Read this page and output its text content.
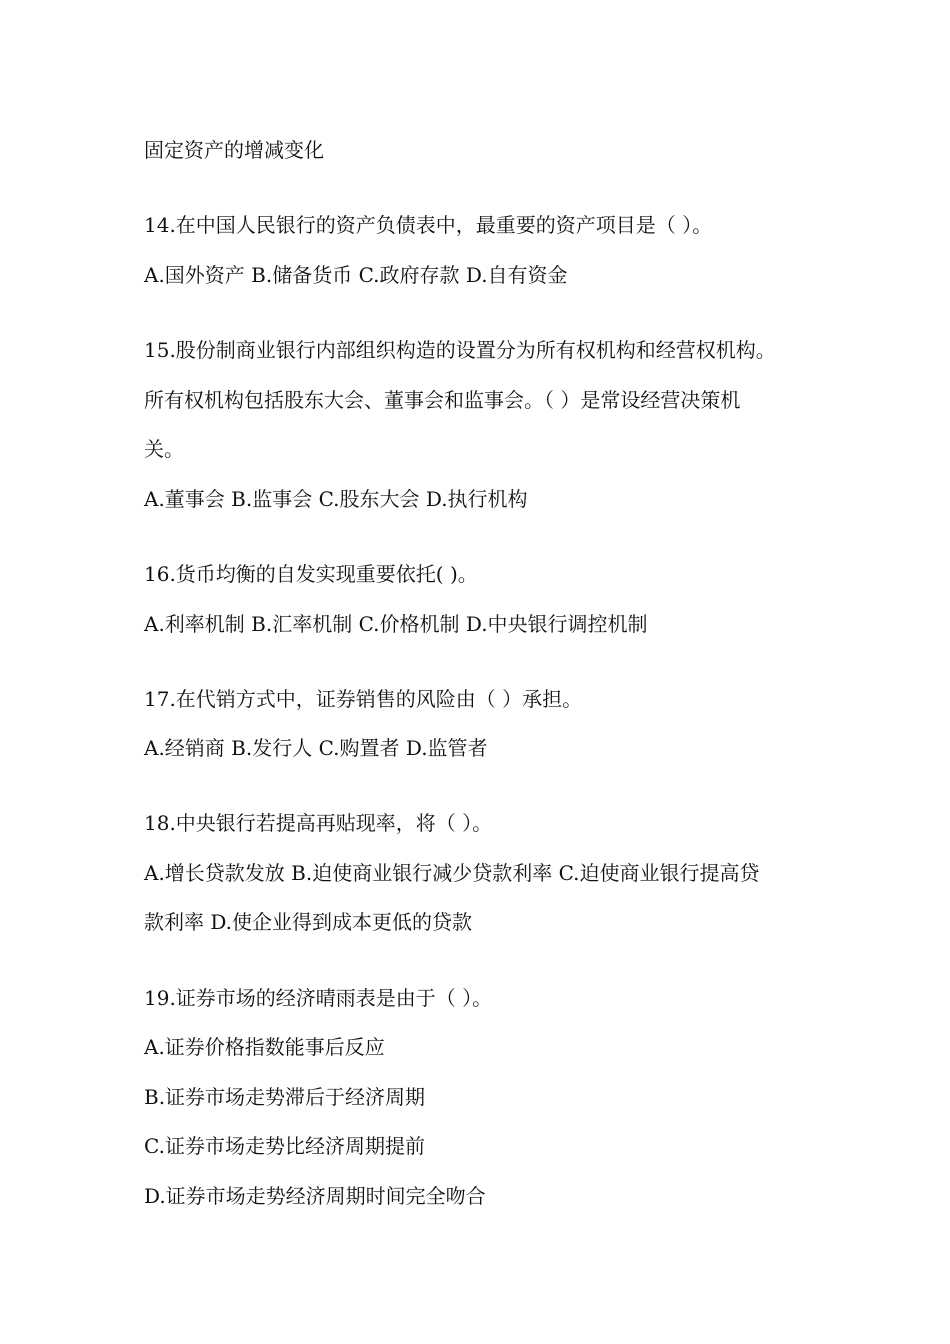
固定资产的增减变化
14.在中国人民银行的资产负债表中，最重要的资产项目是（ ）。
A.国外资产 B.储备货币 C.政府存款 D.自有资金
15.股份制商业银行内部组织构造的设置分为所有权机构和经营权机构。
所有权机构包括股东大会、董事会和监事会。（ ）是常设经营决策机
关。
A.董事会 B.监事会 C.股东大会 D.执行机构
16.货币均衡的自发实现重要依托( )。
A.利率机制 B.汇率机制 C.价格机制 D.中央银行调控机制
17.在代销方式中，证券销售的风险由（ ）承担。
A.经销商 B.发行人 C.购置者 D.监管者
18.中央银行若提高再贴现率，将（ ）。
A.增长贷款发放 B.迫使商业银行减少贷款利率 C.迫使商业银行提高贷
款利率 D.使企业得到成本更低的贷款
19.证券市场的经济晴雨表是由于（ ）。
A.证券价格指数能事后反应
B.证券市场走势滞后于经济周期
C.证券市场走势比经济周期提前
D.证券市场走势经济周期时间完全吻合
